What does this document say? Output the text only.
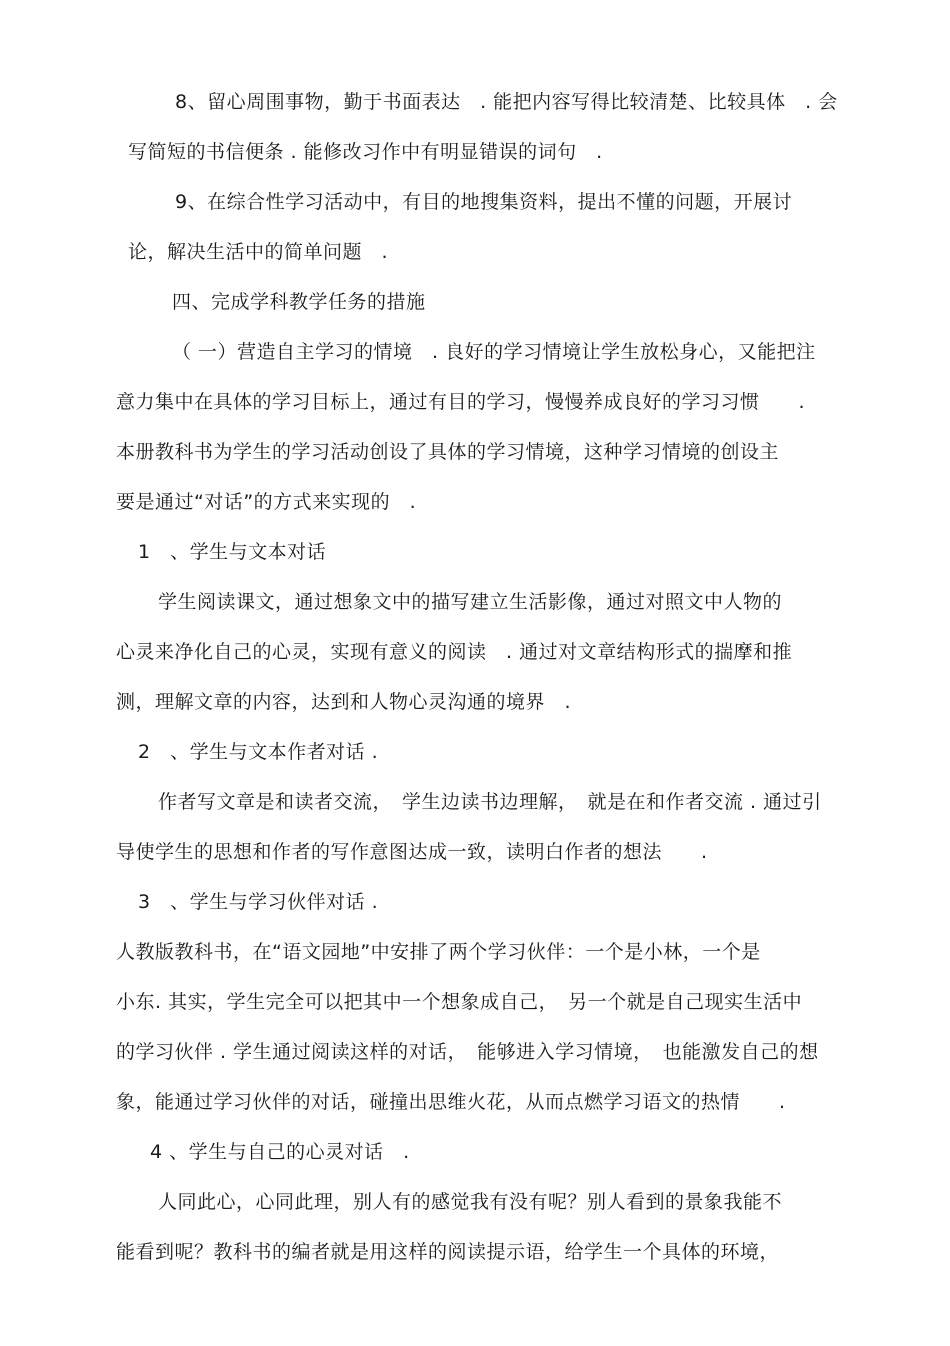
8、留心周围事物，勤于书面表达　. 能把内容写得比较清楚、比较具体　. 会
写简短的书信便条 . 能修改习作中有明显错误的词句　.
9、在综合性学习活动中，有目的地搜集资料，提出不懂的问题，开展讨
论，解决生活中的简单问题　.
四、完成学科教学任务的措施
（ 一）营造自主学习的情境　. 良好的学习情境让学生放松身心，又能把注
意力集中在具体的学习目标上，通过有目的学习，慢慢养成良好的学习习惯　　.
本册教科书为学生的学习活动创设了具体的学习情境，这种学习情境的创设主
要是通过“对话”的方式来实现的　.
1　、学生与文本对话
学生阅读课文，通过想象文中的描写建立生活影像，通过对照文中人物的
心灵来净化自己的心灵，实现有意义的阅读　. 通过对文章结构形式的揣摩和推
测，理解文章的内容，达到和人物心灵沟通的境界　.
2　、学生与文本作者对话 .
作者写文章是和读者交流，　学生边读书边理解，　就是在和作者交流 . 通过引
导使学生的思想和作者的写作意图达成一致，读明白作者的想法　　.
3　、学生与学习伙伴对话 .
人教版教科书，在“语文园地”中安排了两个学习伙伴：一个是小林，一个是
小东. 其实，学生完全可以把其中一个想象成自己，　另一个就是自己现实生活中
的学习伙伴 . 学生通过阅读这样的对话，　能够进入学习情境，　也能激发自己的想
象，能通过学习伙伴的对话，碰撞出思维火花，从而点燃学习语文的热情　　.
4 、学生与自己的心灵对话　.
人同此心，心同此理，别人有的感觉我有没有呢？别人看到的景象我能不
能看到呢？教科书的编者就是用这样的阅读提示语，给学生一个具体的环境，
